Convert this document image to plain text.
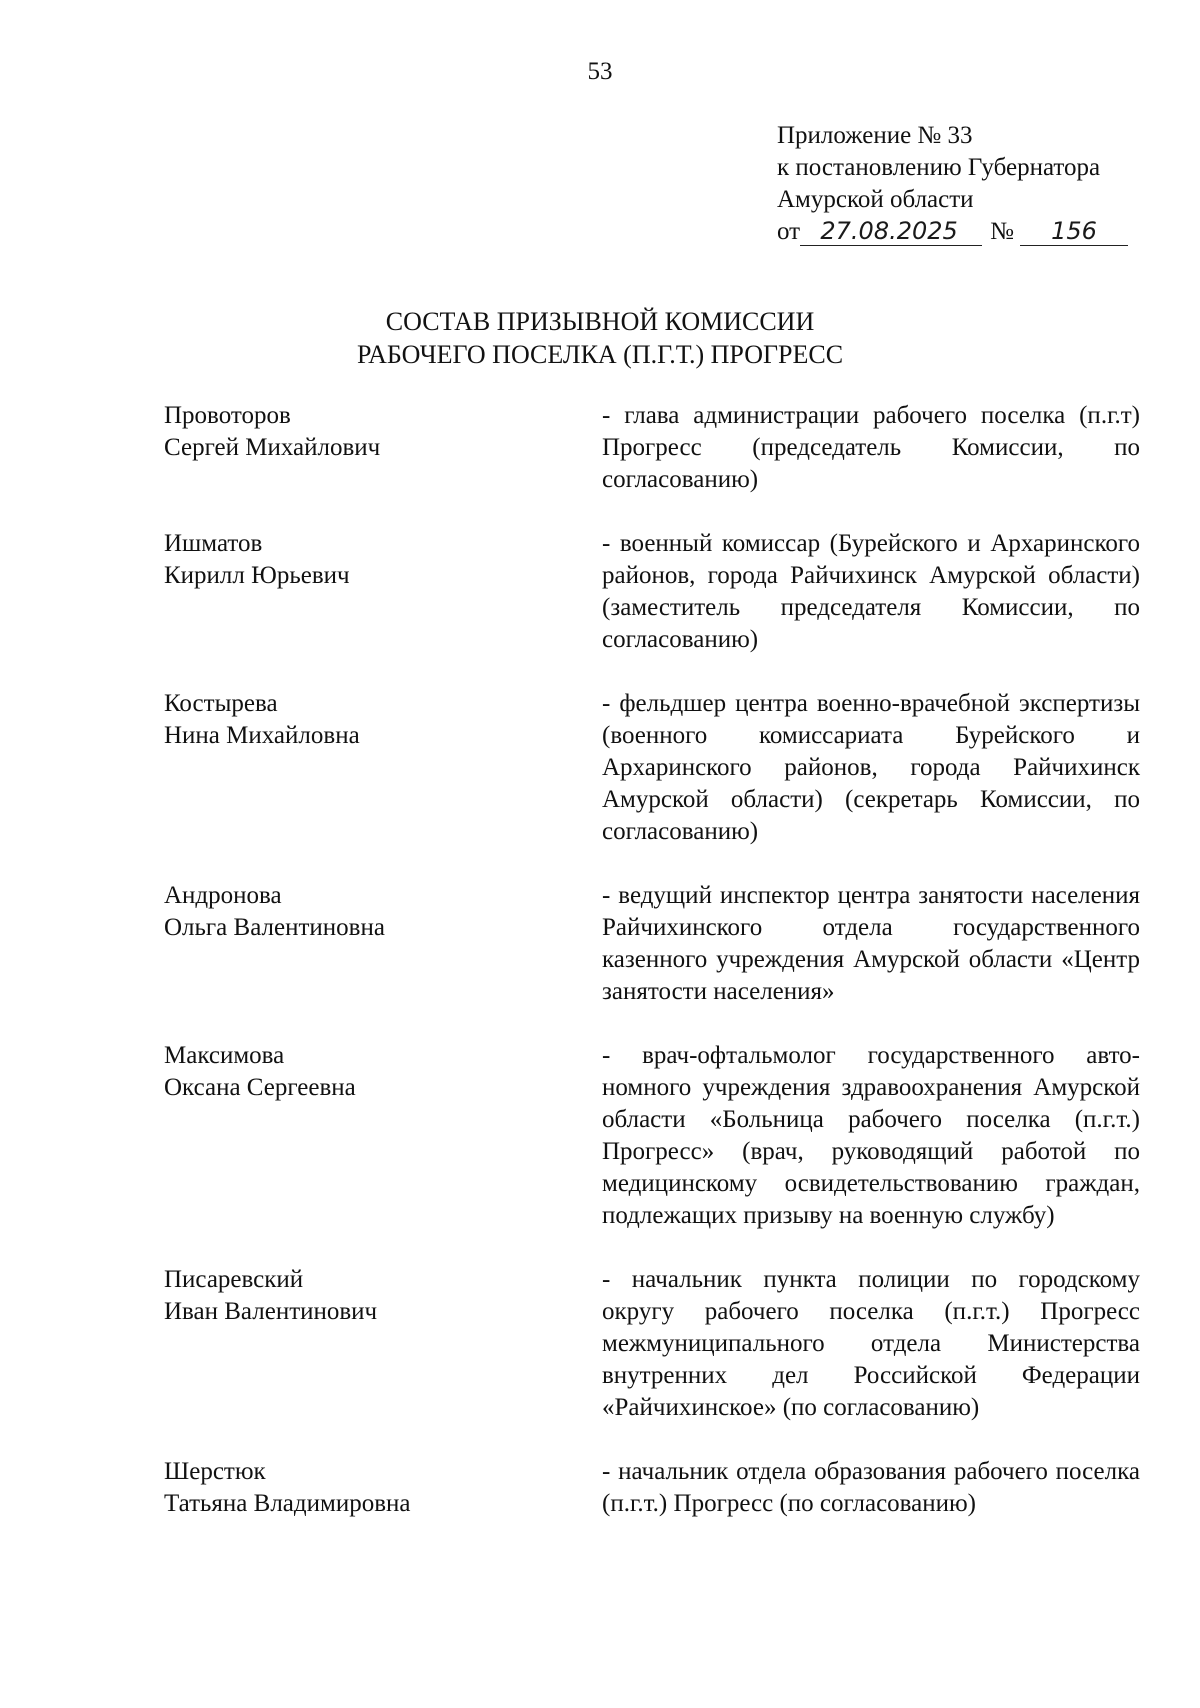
53
Приложение № 33
к постановлению Губернатора
Амурской области
от 27.08.2025	№	156
СОСТАВ ПРИЗЫВНОЙ КОМИССИИ
РАБОЧЕГО ПОСЕЛКА (П.Г.Т.) ПРОГРЕСС
Провоторов
Сергей Михайлович
- глава администрации рабочего поселка (п.г.т) Прогресс (председатель Комиссии, по согласованию)
Ишматов
Кирилл Юрьевич
- военный комиссар (Бурейского и Архаринского районов, города Райчихинск Амурской области) (заместитель председателя Комиссии, по согласованию)
Костырева
Нина Михайловна
- фельдшер центра военно-врачебной экспертизы (военного комиссариата Бурейского и Архаринского районов, города Райчихинск Амурской области) (секретарь Комиссии, по согласованию)
Андронова
Ольга Валентиновна
- ведущий инспектор центра занятости населения Райчихинского отдела государственного казенного учреждения Амурской области «Центр занятости населения»
Максимова
Оксана Сергеевна
- врач-офтальмолог государственного автономного учреждения здравоохранения Амурской области «Больница рабочего поселка (п.г.т.) Прогресс» (врач, руководящий работой по медицинскому освидетельствованию граждан, подлежащих призыву на военную службу)
Писаревский
Иван Валентинович
- начальник пункта полиции по городскому округу рабочего поселка (п.г.т.) Прогресс межмуниципального отдела Министерства внутренних дел Российской Федерации «Райчихинское» (по согласованию)
Шерстюк
Татьяна Владимировна
- начальник отдела образования рабочего поселка (п.г.т.) Прогресс (по согласованию)
